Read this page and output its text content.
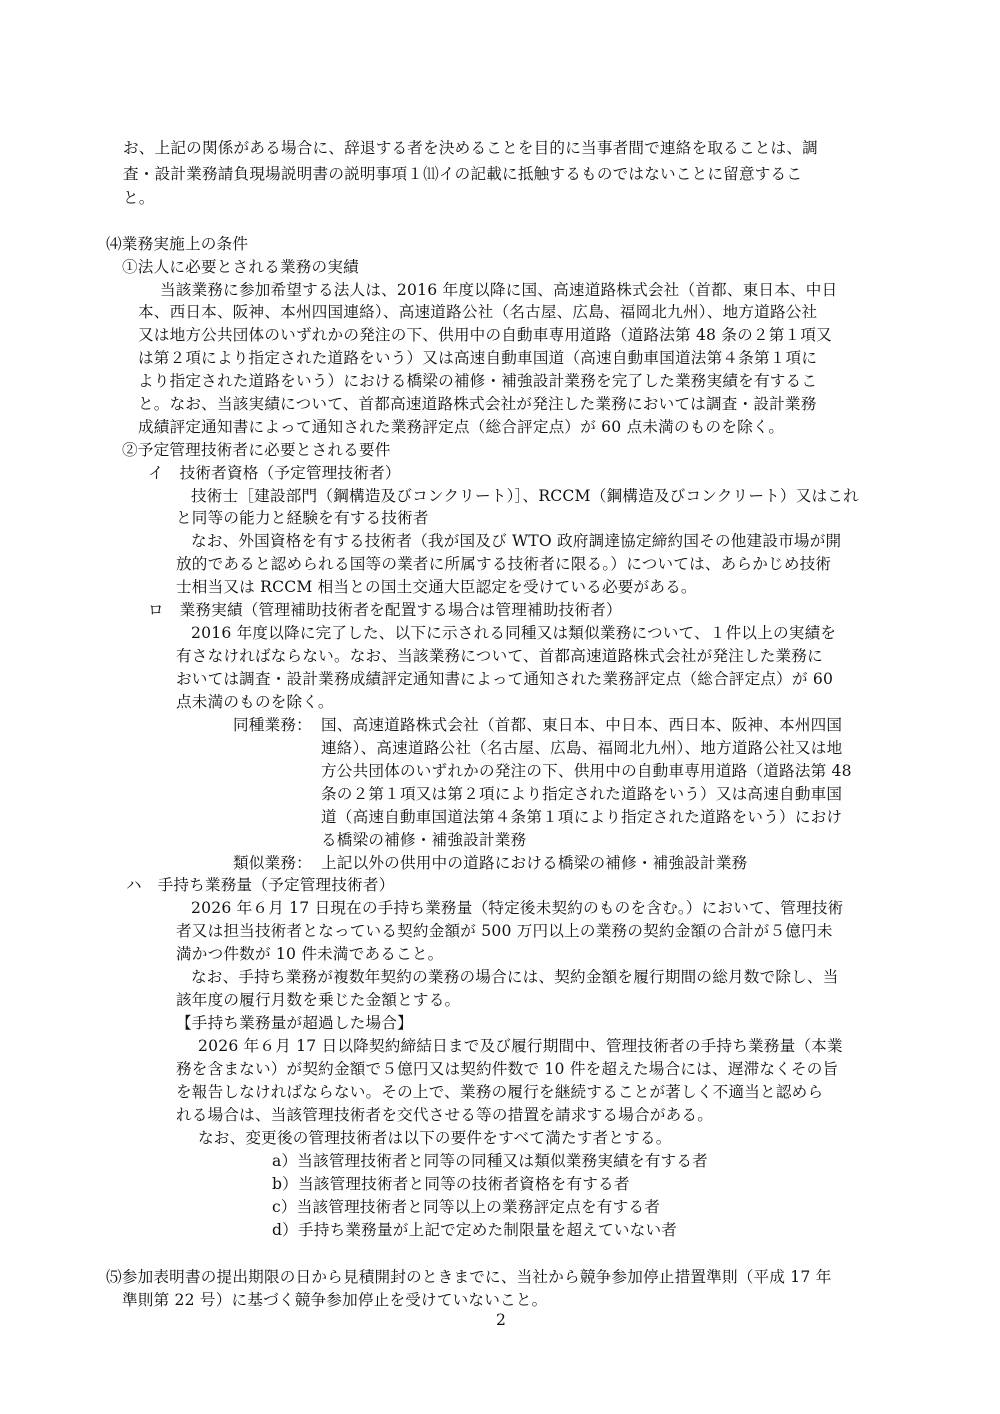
お、上記の関係がある場合に、辞退する者を決めることを目的に当事者間で連絡を取ることは、調
査・設計業務請負現場説明書の説明事項１⑾イの記載に抵触するものではないことに留意するこ
と。
⑷業務実施上の条件
①法人に必要とされる業務の実績
当該業務に参加希望する法人は、2016 年度以降に国、高速道路株式会社（首都、東日本、中日
本、西日本、阪神、本州四国連絡）、高速道路公社（名古屋、広島、福岡北九州）、地方道路公社
又は地方公共団体のいずれかの発注の下、供用中の自動車専用道路（道路法第 48 条の２第１項又
は第２項により指定された道路をいう）又は高速自動車国道（高速自動車国道法第４条第１項に
より指定された道路をいう）における橋梁の補修・補強設計業務を完了した業務実績を有するこ
と。なお、当該実績について、首都高速道路株式会社が発注した業務においては調査・設計業務
成績評定通知書によって通知された業務評定点（総合評定点）が 60 点未満のものを除く。
②予定管理技術者に必要とされる要件
イ　技術者資格（予定管理技術者）
技術士［建設部門（鋼構造及びコンクリート）］、RCCM（鋼構造及びコンクリート）又はこれ
と同等の能力と経験を有する技術者
なお、外国資格を有する技術者（我が国及び WTO 政府調達協定締約国その他建設市場が開
放的であると認められる国等の業者に所属する技術者に限る。）については、あらかじめ技術
士相当又は RCCM 相当との国土交通大臣認定を受けている必要がある。
ロ　業務実績（管理補助技術者を配置する場合は管理補助技術者）
2016 年度以降に完了した、以下に示される同種又は類似業務について、１件以上の実績を
有さなければならない。なお、当該業務について、首都高速道路株式会社が発注した業務に
おいては調査・設計業務成績評定通知書によって通知された業務評定点（総合評定点）が 60
点未満のものを除く。
同種業務： 国、高速道路株式会社（首都、東日本、中日本、西日本、阪神、本州四国
連絡）、高速道路公社（名古屋、広島、福岡北九州）、地方道路公社又は地
方公共団体のいずれかの発注の下、供用中の自動車専用道路（道路法第 48
条の２第１項又は第２項により指定された道路をいう）又は高速自動車国
道（高速自動車国道法第４条第１項により指定された道路をいう）におけ
る橋梁の補修・補強設計業務
類似業務： 上記以外の供用中の道路における橋梁の補修・補強設計業務
ハ　手持ち業務量（予定管理技術者）
2026 年６月 17 日現在の手持ち業務量（特定後未契約のものを含む。）において、管理技術
者又は担当技術者となっている契約金額が 500 万円以上の業務の契約金額の合計が５億円未
満かつ件数が 10 件未満であること。
なお、手持ち業務が複数年契約の業務の場合には、契約金額を履行期間の総月数で除し、当
該年度の履行月数を乗じた金額とする。
【手持ち業務量が超過した場合】
2026 年６月 17 日以降契約締結日まで及び履行期間中、管理技術者の手持ち業務量（本業
務を含まない）が契約金額で５億円又は契約件数で 10 件を超えた場合には、遅滞なくその旨
を報告しなければならない。その上で、業務の履行を継続することが著しく不適当と認めら
れる場合は、当該管理技術者を交代させる等の措置を請求する場合がある。
なお、変更後の管理技術者は以下の要件をすべて満たす者とする。
a）当該管理技術者と同等の同種又は類似業務実績を有する者
b）当該管理技術者と同等の技術者資格を有する者
c）当該管理技術者と同等以上の業務評定点を有する者
d）手持ち業務量が上記で定めた制限量を超えていない者
⑸参加表明書の提出期限の日から見積開封のときまでに、当社から競争参加停止措置準則（平成 17 年
準則第 22 号）に基づく競争参加停止を受けていないこと。
2
